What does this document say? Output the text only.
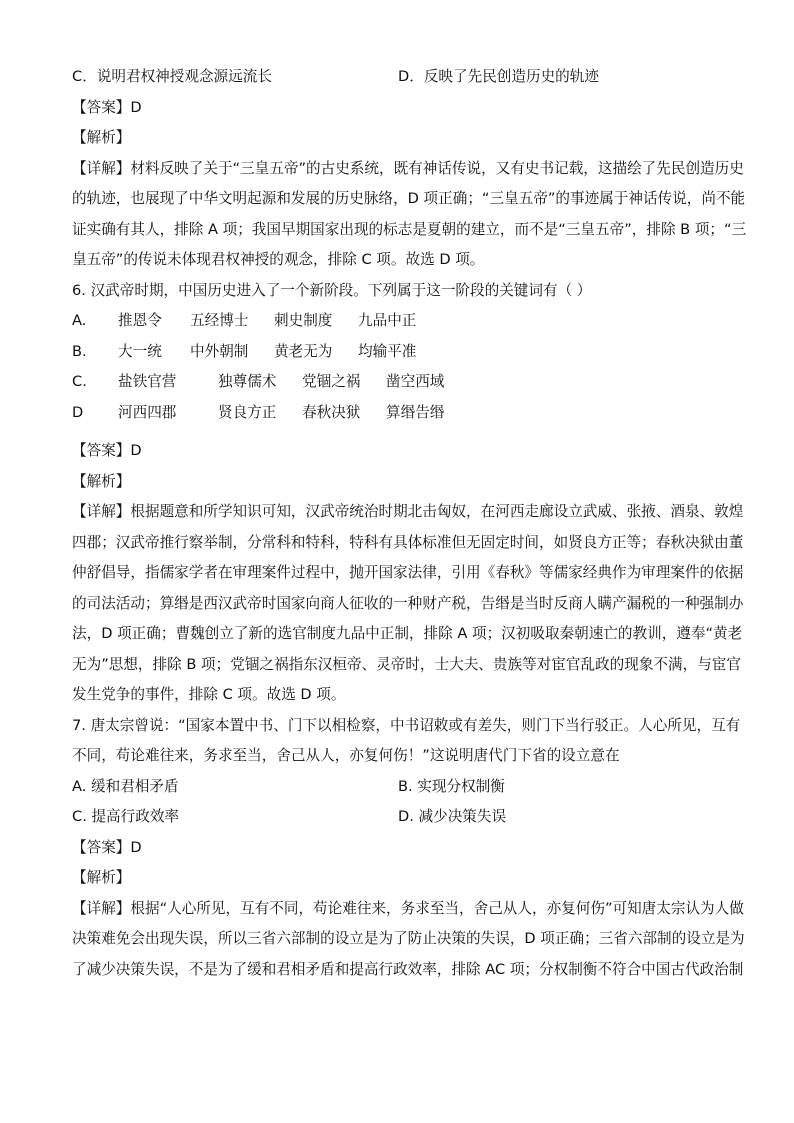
C．说明君权神授观念源远流长	D．反映了先民创造历史的轨迹
【答案】D
【解析】
【详解】材料反映了关于“三皇五帝”的古史系统，既有神话传说，又有史书记载，这描绘了先民创造历史
的轨迹，也展现了中华文明起源和发展的历史脉络，D 项正确；“三皇五帝”的事迹属于神话传说，尚不能
证实确有其人，排除 A 项；我国早期国家出现的标志是夏朝的建立，而不是“三皇五帝”，排除 B 项；“三
皇五帝”的传说未体现君权神授的观念，排除 C 项。故选 D 项。
6. 汉武帝时期，中国历史进入了一个新阶段。下列属于这一阶段的关键词有（ ）
A.	推恩令	五经博士	刺史制度	九品中正
B.	大一统	中外朝制	黄老无为	均输平准
C.	盐铁官营	独尊儒术	党锢之祸	凿空西域
D	河西四郡	贤良方正	春秋决狱	算缗告缗
【答案】D
【解析】
【详解】根据题意和所学知识可知，汉武帝统治时期北击匈奴，在河西走廊设立武威、张掖、酒泉、敦煌
四郡；汉武帝推行察举制，分常科和特科，特科有具体标准但无固定时间，如贤良方正等；春秋决狱由董
仲舒倡导，指儒家学者在审理案件过程中，抛开国家法律，引用《春秋》等儒家经典作为审理案件的依据
的司法活动；算缗是西汉武帝时国家向商人征收的一种财产税，告缗是当时反商人瞒产漏税的一种强制办
法，D 项正确；曹魏创立了新的选官制度九品中正制，排除 A 项；汉初吸取秦朝速亡的教训，遵奉“黄老
无为”思想，排除 B 项；党锢之祸指东汉桓帝、灵帝时，士大夫、贵族等对宦官乱政的现象不满，与宦官
发生党争的事件，排除 C 项。故选 D 项。
7. 唐太宗曾说：“国家本置中书、门下以相检察，中书诏敕或有差失，则门下当行驳正。人心所见，互有
不同，苟论难往来，务求至当，舍己从人，亦复何伤！”这说明唐代门下省的设立意在
A. 缓和君相矛盾	B. 实现分权制衡
C. 提高行政效率	D. 减少决策失误
【答案】D
【解析】
【详解】根据“人心所见，互有不同，苟论难往来，务求至当，舍己从人，亦复何伤”可知唐太宗认为人做
决策难免会出现失误，所以三省六部制的设立是为了防止决策的失误，D 项正确；三省六部制的设立是为
了减少决策失误，不是为了缓和君相矛盾和提高行政效率，排除 AC 项；分权制衡不符合中国古代政治制
